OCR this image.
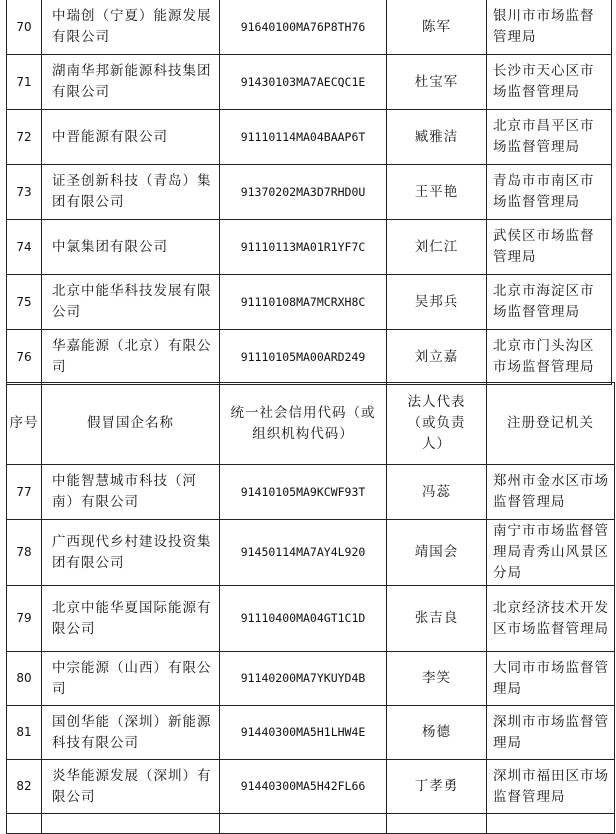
70	中瑞创（宁夏）能源发展有限公司	91640100MA76P8TH76	陈军	银川市市场监督管理局
71	湖南华邦新能源科技集团有限公司	91430103MA7AECQC1E	杜宝军	长沙市天心区市场监督管理局
72	中晋能源有限公司	91110114MA04BAAP6T	臧雅洁	北京市昌平区市场监督管理局
73	证圣创新科技（青岛）集团有限公司	91370202MA3D7RHD0U	王平艳	青岛市市南区市场监督管理局
74	中氯集团有限公司	91110113MA01R1YF7C	刘仁江	武侯区市场监督管理局
75	北京中能华科技发展有限公司	91110108MA7MCRXH8C	吴邦兵	北京市海淀区市场监督管理局
76	华嘉能源（北京）有限公司	91110105MA00ARD249	刘立嘉	北京市门头沟区市场监督管理局
序号	假冒国企名称	统一社会信用代码（或组织机构代码）	法人代表（或负责人）	注册登记机关
77	中能智慧城市科技（河南）有限公司	91410105MA9KCWF93T	冯蕊	郑州市金水区市场监督管理局
78	广西现代乡村建设投资集团有限公司	91450114MA7AY4L920	靖国会	南宁市市场监督管理局青秀山风景区分局
79	北京中能华夏国际能源有限公司	91110400MA04GT1C1D	张吉良	北京经济技术开发区市场监督管理局
80	中宗能源（山西）有限公司	91140200MA7YKUYD4B	李笑	大同市市场监督管理局
81	国创华能（深圳）新能源科技有限公司	91440300MA5H1LHW4E	杨德	深圳市市场监督管理局
82	炎华能源发展（深圳）有限公司	91440300MA5H42FL66	丁孝勇	深圳市福田区市场监督管理局
